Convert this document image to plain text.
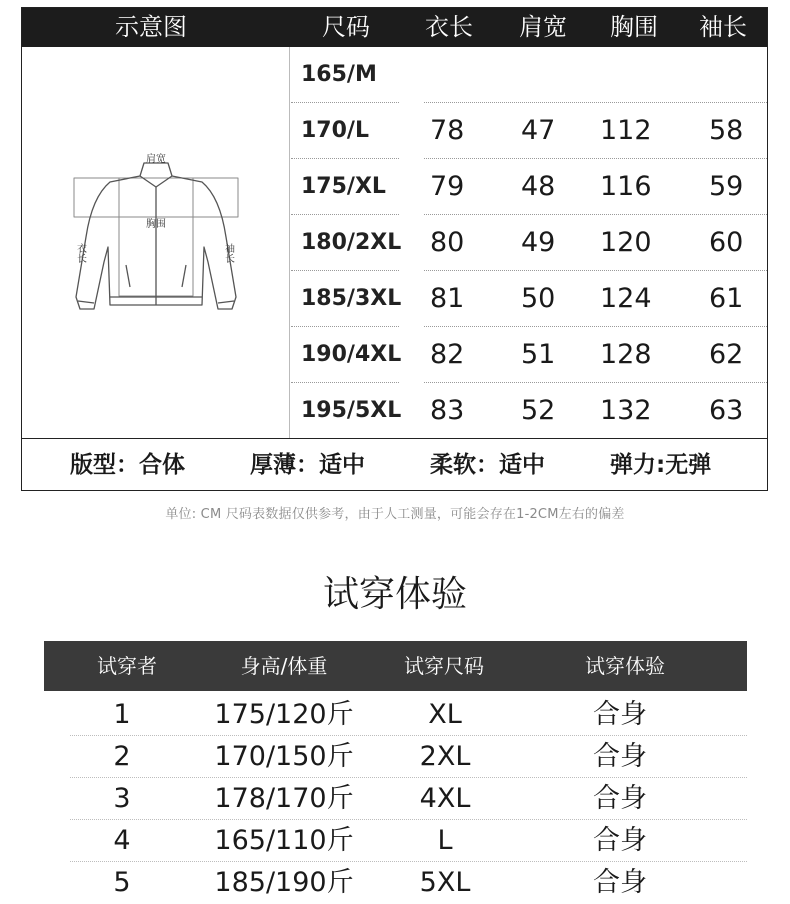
示意图	尺码	衣长	肩宽	胸围	袖长
肩宽
胸围
衣长	袖长
165/M
170/L 78 47 112 58
175/XL 79 48 116 59
180/2XL 80 49 120 60
185/3XL 81 50 124 61
190/4XL 82 51 128 62
195/5XL 83 52 132 63
版型：合体	厚薄：适中	柔软：适中	弹力:无弹
单位: CM 尺码表数据仅供参考，由于人工测量，可能会存在1-2CM左右的偏差
试穿体验
试穿者	身高/体重	试穿尺码	试穿体验
1	175/120斤	XL	合身
2	170/150斤	2XL	合身
3	178/170斤	4XL	合身
4	165/110斤	L	合身
5	185/190斤	5XL	合身
